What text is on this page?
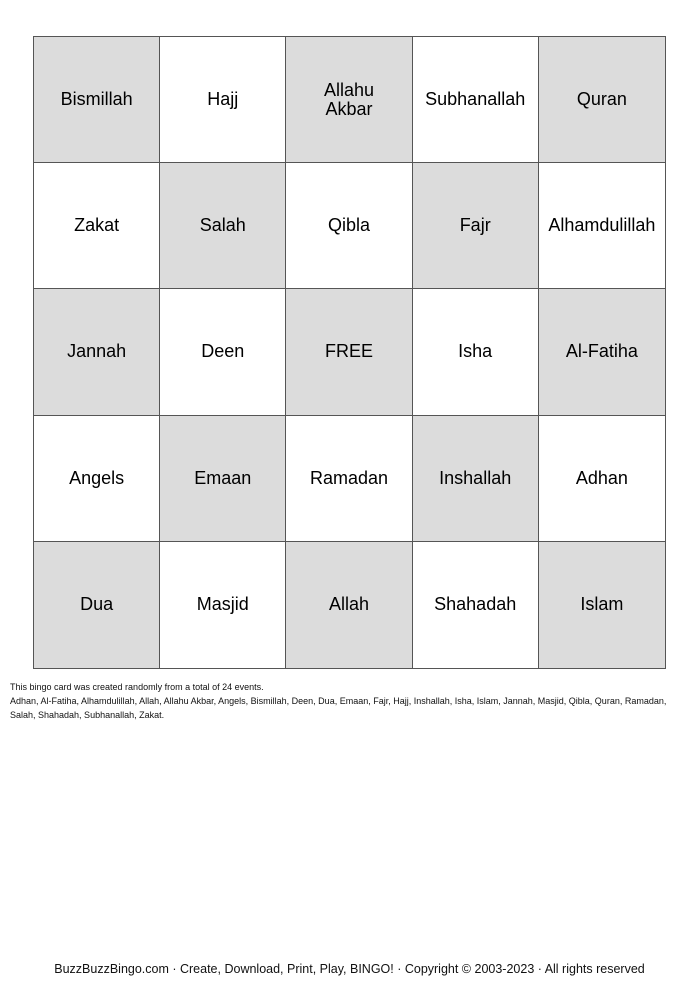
Bismillah	Hajj	Allahu Akbar	Subhanallah	Quran
Zakat	Salah	Qibla	Fajr	Alhamdulillah
Jannah	Deen	FREE	Isha	Al-Fatiha
Angels	Emaan	Ramadan	Inshallah	Adhan
Dua	Masjid	Allah	Shahadah	Islam
This bingo card was created randomly from a total of 24 events.
Adhan, Al-Fatiha, Alhamdulillah, Allah, Allahu Akbar, Angels, Bismillah, Deen, Dua, Emaan, Fajr, Hajj, Inshallah, Isha, Islam, Jannah, Masjid, Qibla, Quran, Ramadan, Salah, Shahadah, Subhanallah, Zakat.
BuzzBuzzBingo.com · Create, Download, Print, Play, BINGO! · Copyright © 2003-2023 · All rights reserved
